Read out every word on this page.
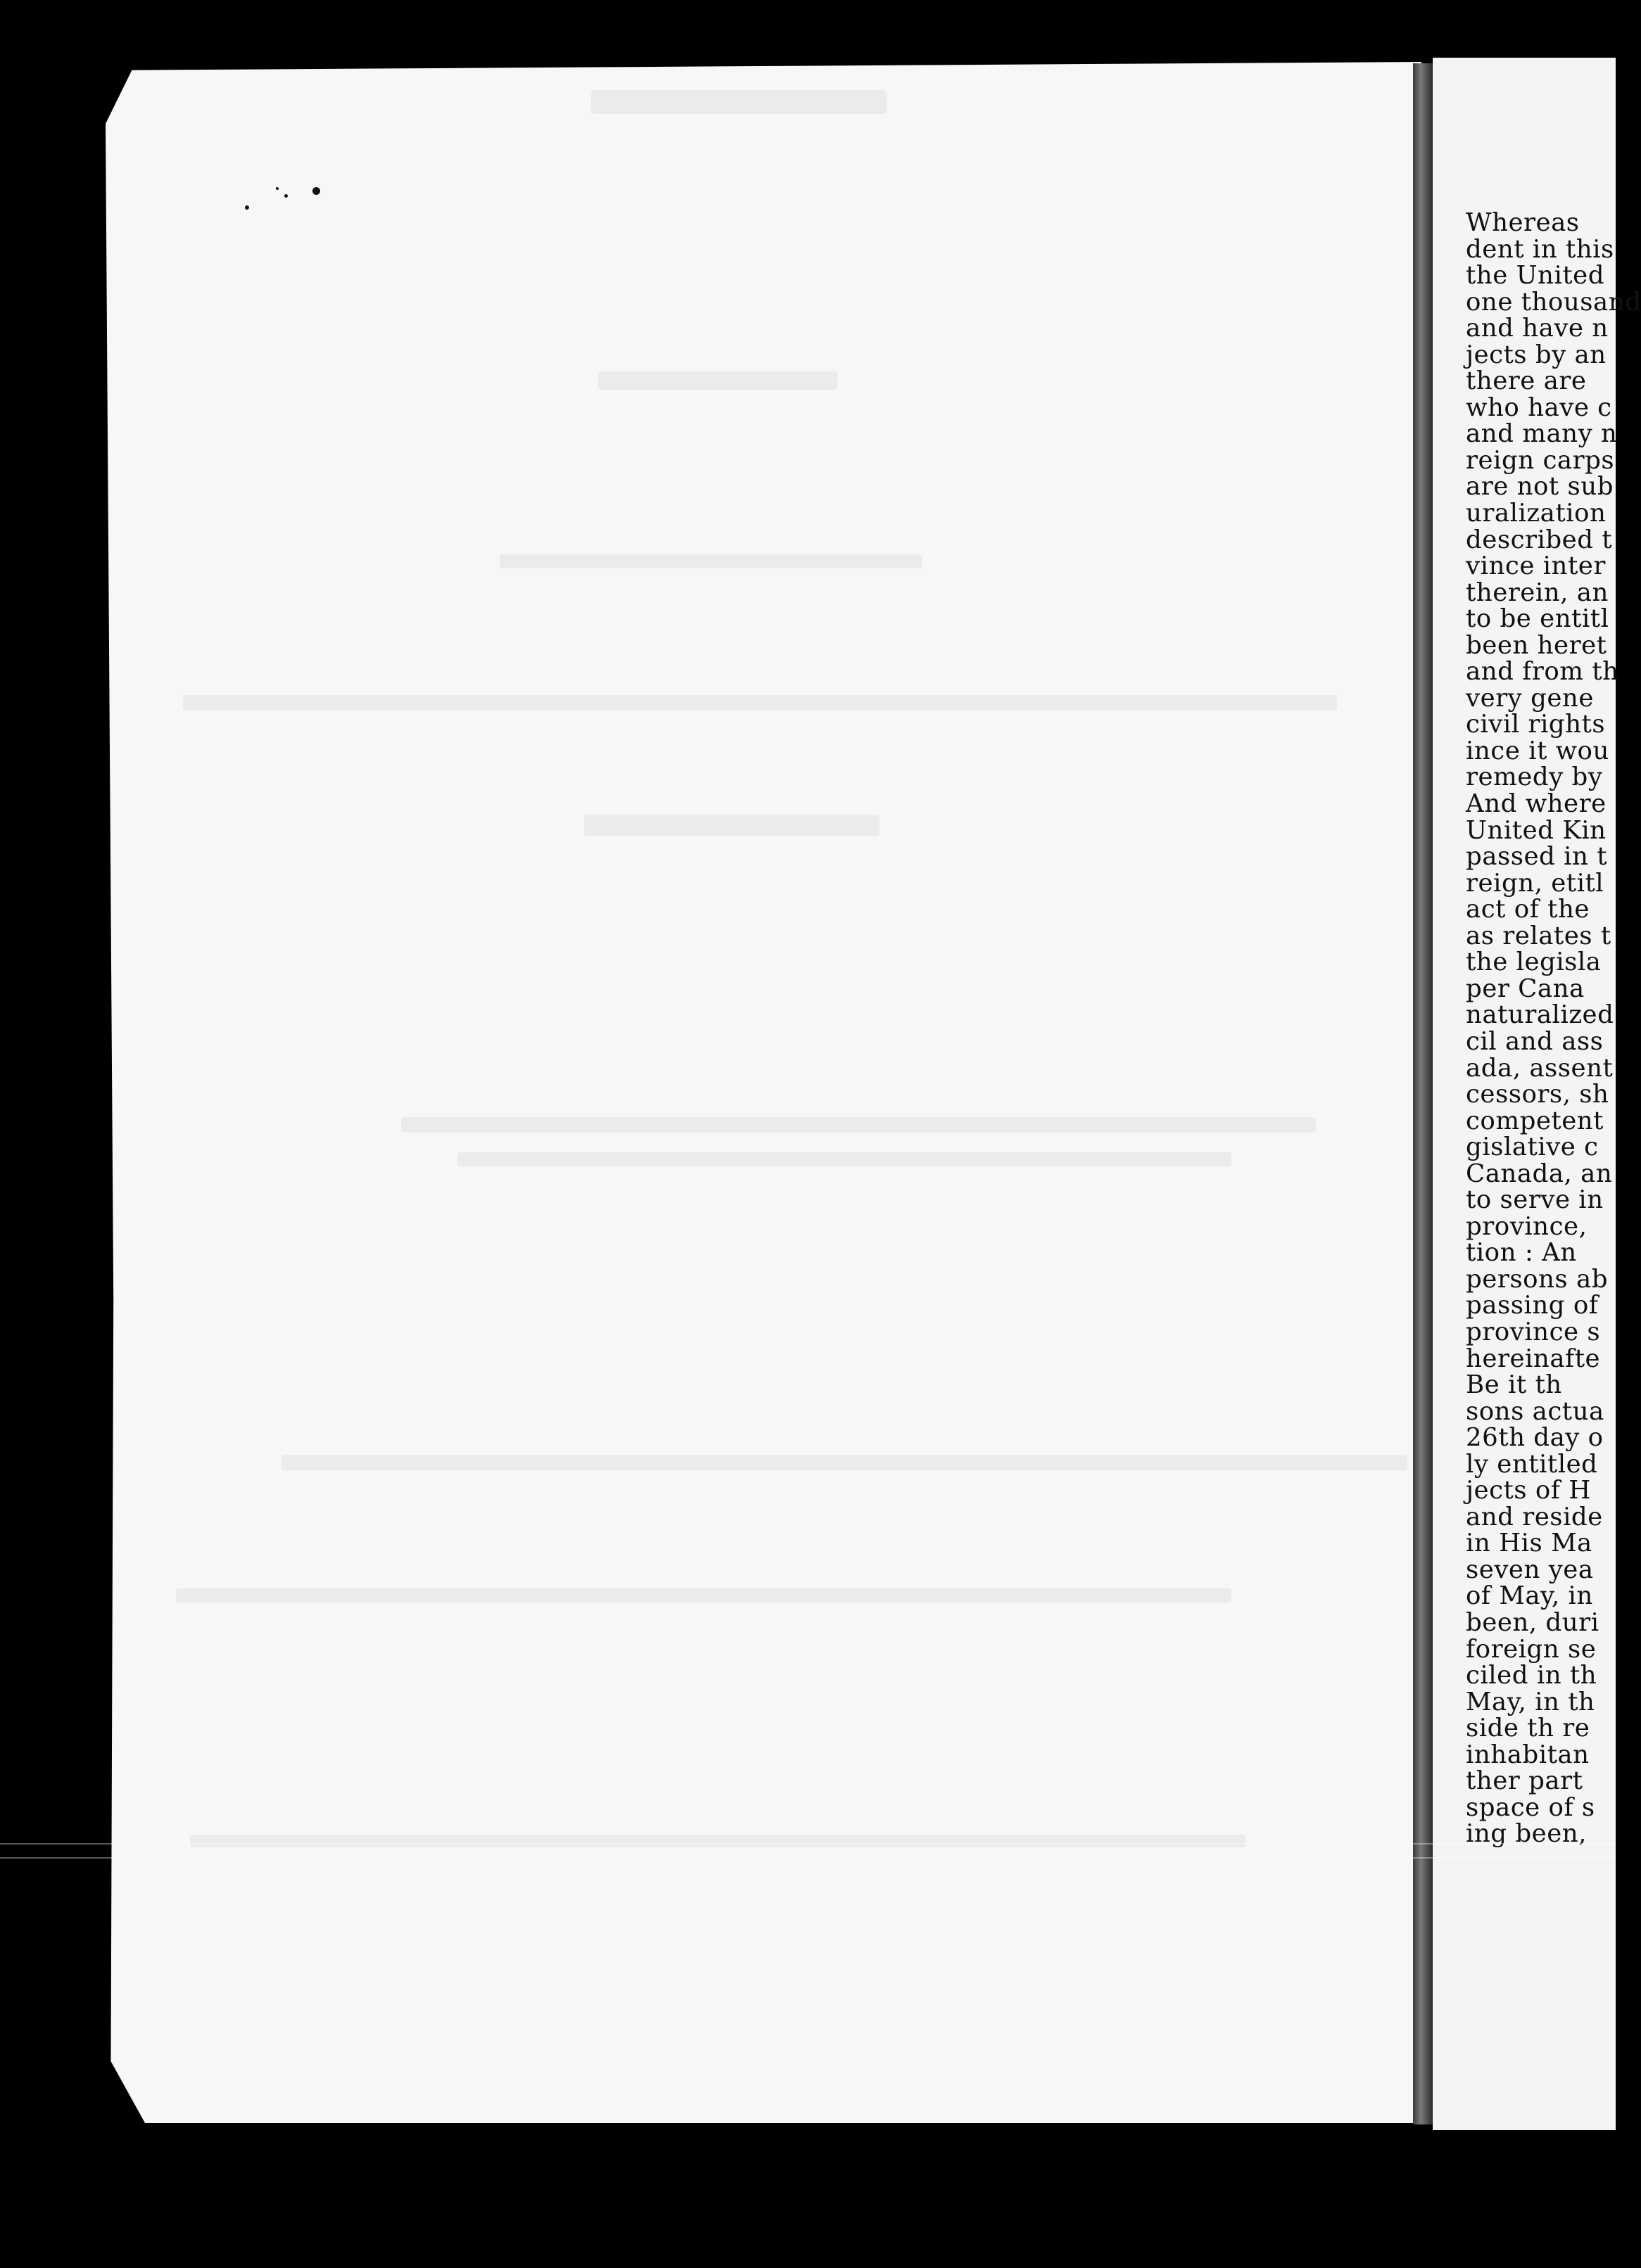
Whereas
dent in this
the United
one thousand
and have n
jects by an
there are
who have c
and many n
reign carps
are not sub
uralization
described t
vince inter
therein, an
to be entitl
been heret
and from th
very gene
civil rights
ince it wou
remedy by
And where
United Kin
passed in t
reign, etitl
act of the
as relates t
the legisla
per Cana
naturalized
cil and ass
ada, assent
cessors, sh
competent
gislative c
Canada, an
to serve in
province,
tion : An
persons ab
passing of
province s
hereinafte
Be it th
sons actua
26th day o
ly entitled
jects of H
and reside
in His Ma
seven yea
of May, in
been, duri
foreign se
ciled in th
May, in th
side th re
inhabitan
ther part
space of s
ing been,
